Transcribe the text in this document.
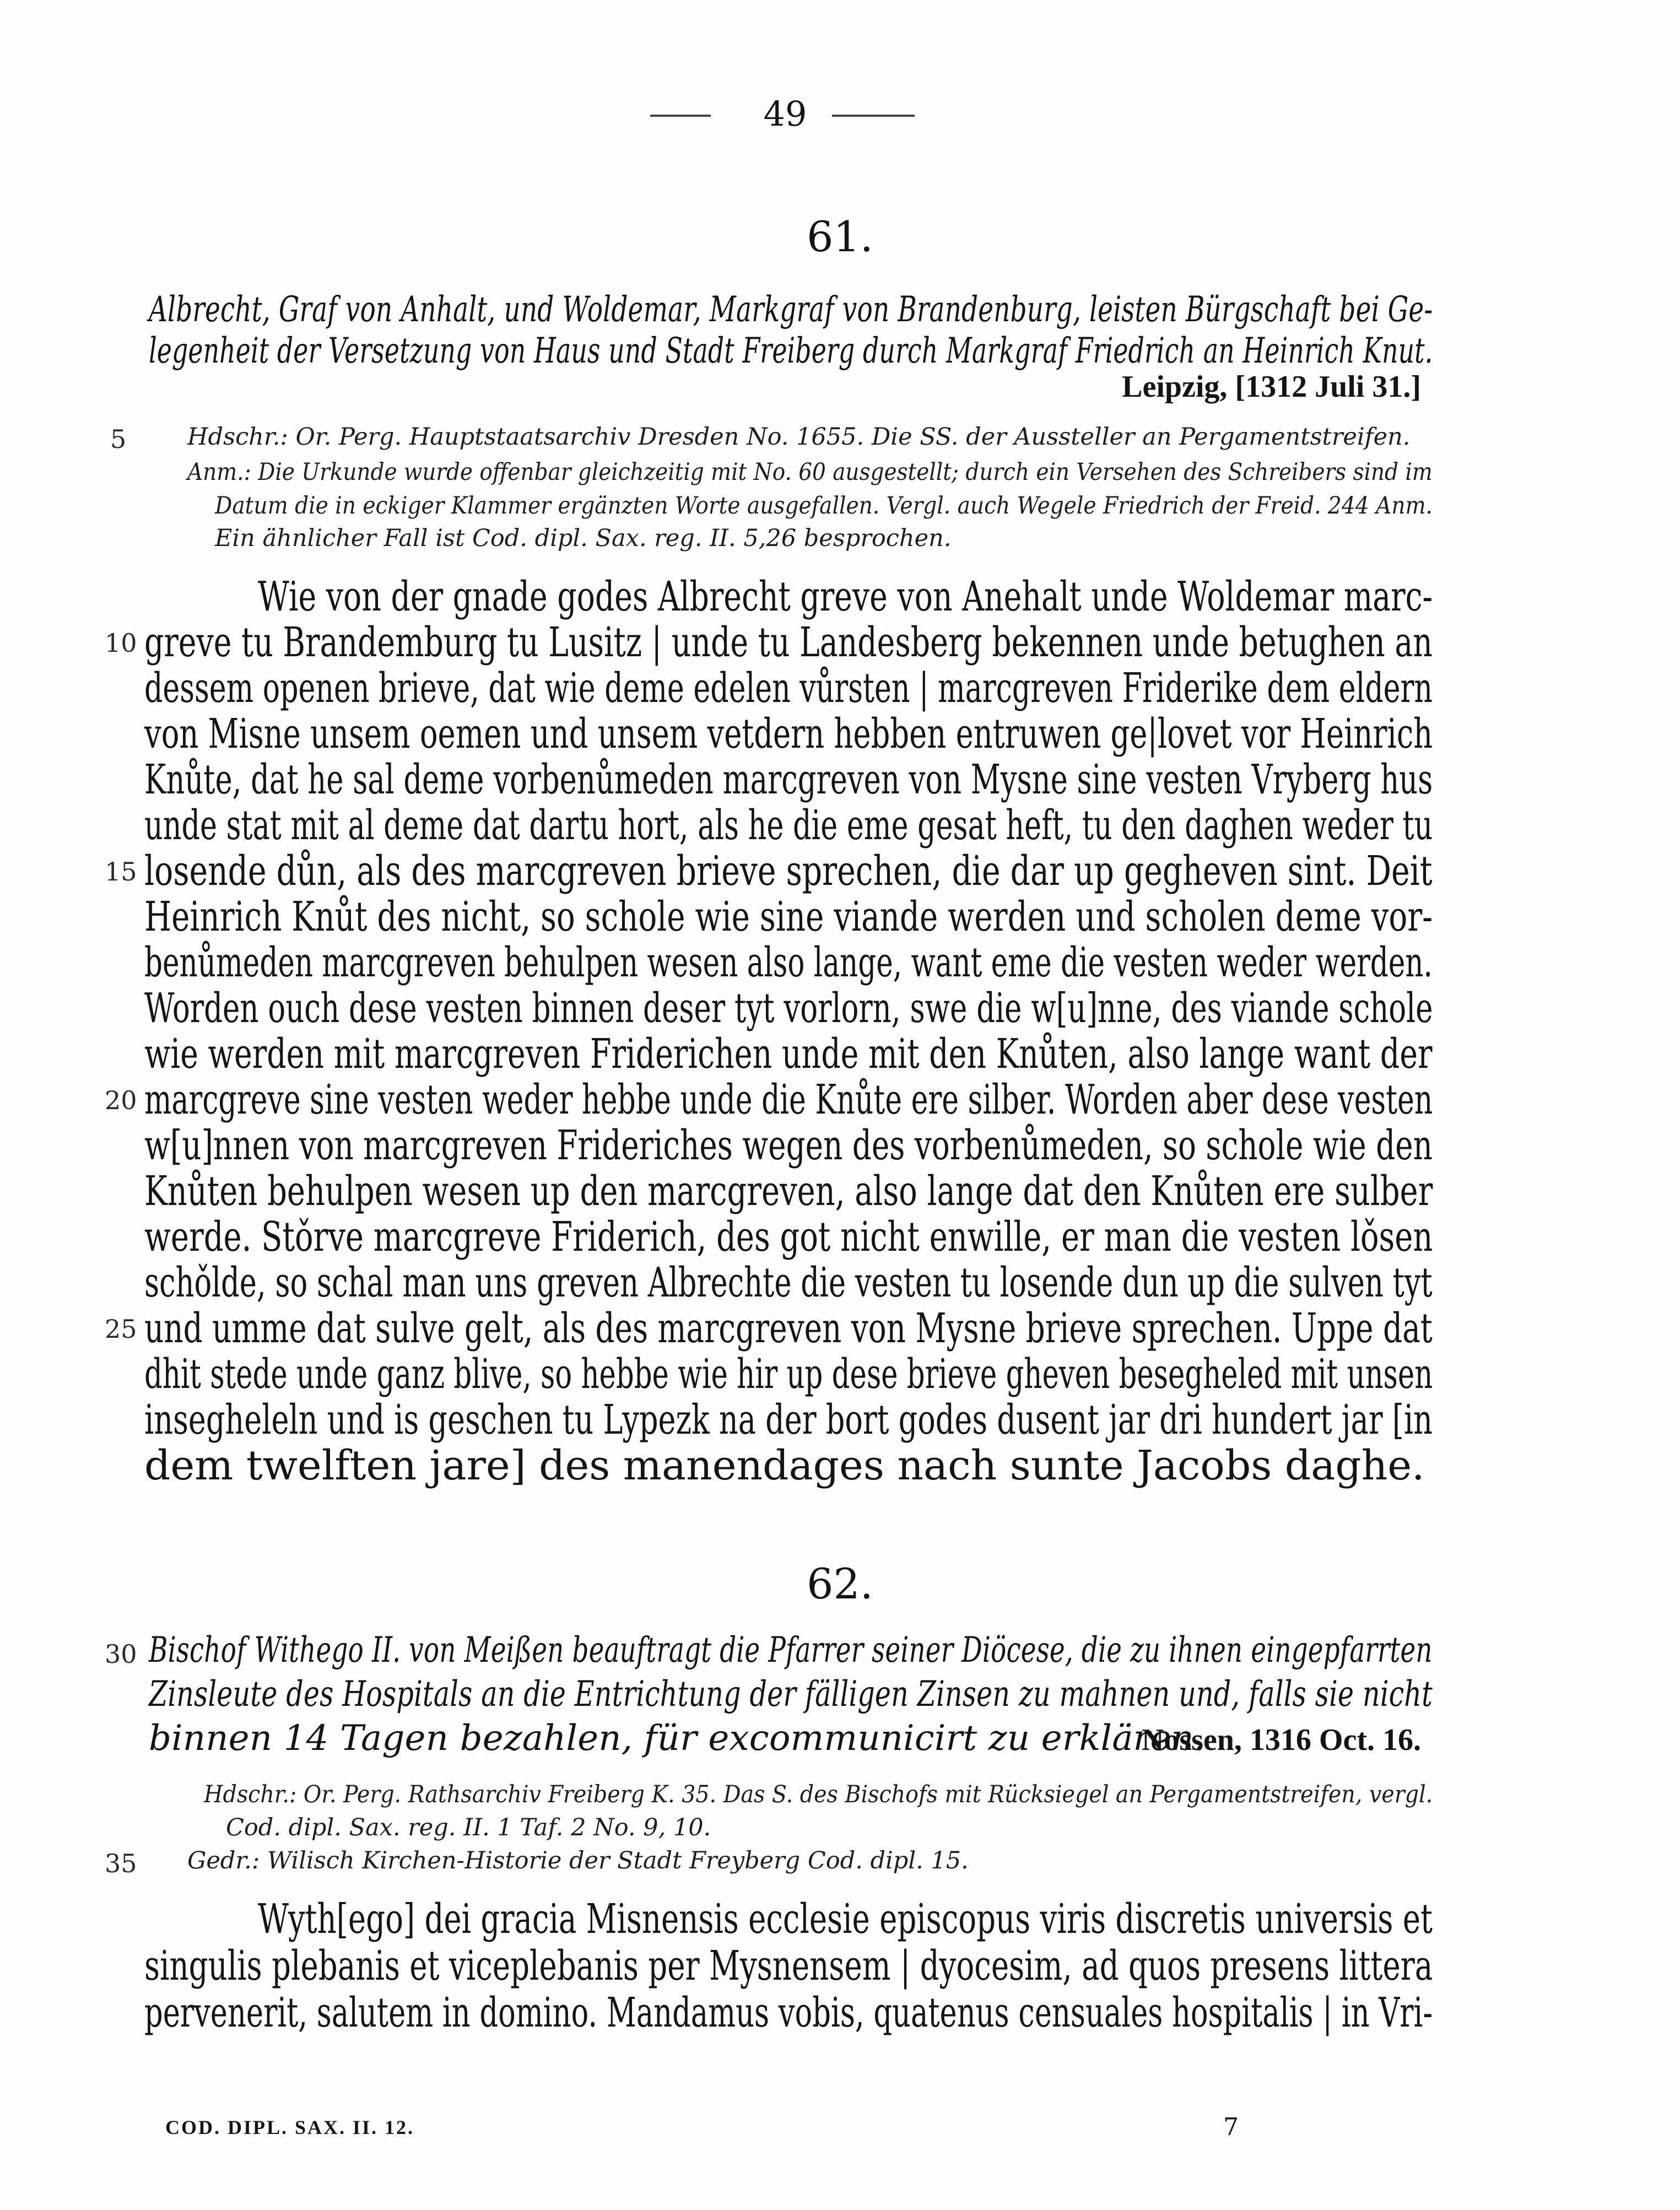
49
61.
Albrecht, Graf von Anhalt, und Woldemar, Markgraf von Brandenburg, leisten Bürgschaft bei Ge-
legenheit der Versetzung von Haus und Stadt Freiberg durch Markgraf Friedrich an Heinrich Knut.
Leipzig, [1312 Juli 31.]
Hdschr.: Or. Perg. Hauptstaatsarchiv Dresden No. 1655. Die SS. der Aussteller an Pergamentstreifen.
Anm.: Die Urkunde wurde offenbar gleichzeitig mit No. 60 ausgestellt; durch ein Versehen des Schreibers sind im
Datum die in eckiger Klammer ergänzten Worte ausgefallen. Vergl. auch Wegele Friedrich der Freid. 244 Anm.
Ein ähnlicher Fall ist Cod. dipl. Sax. reg. II. 5,26 besprochen.
Wie von der gnade godes Albrecht greve von Anehalt unde Woldemar marc-
greve tu Brandemburg tu Lusitz | unde tu Landesberg bekennen unde betughen an
dessem openen brieve, dat wie deme edelen vůrsten | marcgreven Friderike dem eldern
von Misne unsem oemen und unsem vetdern hebben entruwen ge|lovet vor Heinrich
Knůte, dat he sal deme vorbenůmeden marcgreven von Mysne sine vesten Vryberg hus
unde stat mit al deme dat dartu hort, als he die eme gesat heft, tu den daghen weder tu
losende důn, als des marcgreven brieve sprechen, die dar up gegheven sint. Deit
Heinrich Knůt des nicht, so schole wie sine viande werden und scholen deme vor-
benůmeden marcgreven behulpen wesen also lange, want eme die vesten weder werden.
Worden ouch dese vesten binnen deser tyt vorlorn, swe die w[u]nne, des viande schole
wie werden mit marcgreven Friderichen unde mit den Knůten, also lange want der
marcgreve sine vesten weder hebbe unde die Knůte ere silber. Worden aber dese vesten
w[u]nnen von marcgreven Frideriches wegen des vorbenůmeden, so schole wie den
Knůten behulpen wesen up den marcgreven, also lange dat den Knůten ere sulber
werde. Stǒrve marcgreve Friderich, des got nicht enwille, er man die vesten lǒsen
schǒlde, so schal man uns greven Albrechte die vesten tu losende dun up die sulven tyt
und umme dat sulve gelt, als des marcgreven von Mysne brieve sprechen. Uppe dat
dhit stede unde ganz blive, so hebbe wie hir up dese brieve gheven besegheled mit unsen
insegheleln und is geschen tu Lypezk na der bort godes dusent jar dri hundert jar [in
dem twelften jare] des manendages nach sunte Jacobs daghe.
62.
Bischof Withego II. von Meißen beauftragt die Pfarrer seiner Diöcese, die zu ihnen eingepfarrten
Zinsleute des Hospitals an die Entrichtung der fälligen Zinsen zu mahnen und, falls sie nicht
binnen 14 Tagen bezahlen, für excommunicirt zu erklären.
Nossen, 1316 Oct. 16.
Hdschr.: Or. Perg. Rathsarchiv Freiberg K. 35. Das S. des Bischofs mit Rücksiegel an Pergamentstreifen, vergl.
Cod. dipl. Sax. reg. II. 1 Taf. 2 No. 9, 10.
Gedr.: Wilisch Kirchen-Historie der Stadt Freyberg Cod. dipl. 15.
Wyth[ego] dei gracia Misnensis ecclesie episcopus viris discretis universis et
singulis plebanis et viceplebanis per Mysnensem | dyocesim, ad quos presens littera
pervenerit, salutem in domino. Mandamus vobis, quatenus censuales hospitalis | in Vri-
5
10
15
20
25
30
35
COD. DIPL. SAX. II. 12.	7
